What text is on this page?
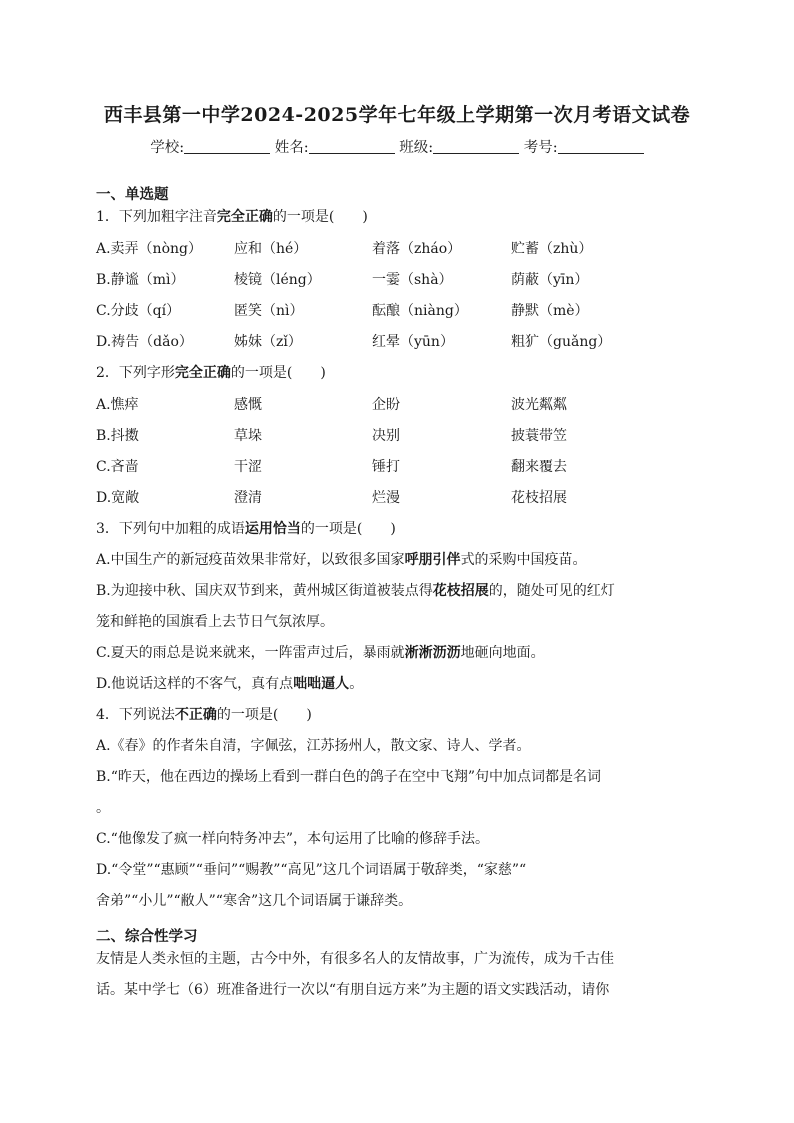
西丰县第一中学2024-2025学年七年级上学期第一次月考语文试卷
学校:	姓名:	班级:	考号:
一、单选题
1．下列加粗字注音完全正确的一项是(　　)
A.卖弄（nòng） 应和（hé）	着落（zháo）	贮蓄（zhù）
B.静谧（mì）	棱镜（léng）	一霎（shà）	荫蔽（yīn）
C.分歧（qí）	匿笑（nì）	酝酿（niàng）	静默（mè）
D.祷告（dǎo）	姊妹（zǐ）	红晕（yūn）	粗犷（guǎng）
2．下列字形完全正确的一项是(　　)
A.憔瘁	感慨	企盼	波光粼粼
B.抖擞	草垛	决别	披蓑带笠
C.吝啬	干涩	锤打	翻来覆去
D.宽敞	澄清	烂漫	花枝招展
3．下列句中加粗的成语运用恰当的一项是(　　)
A.中国生产的新冠疫苗效果非常好，以致很多国家呼朋引伴式的采购中国疫苗。
B.为迎接中秋、国庆双节到来，黄州城区街道被装点得花枝招展的，随处可见的红灯
笼和鲜艳的国旗看上去节日气氛浓厚。
C.夏天的雨总是说来就来，一阵雷声过后，暴雨就淅淅沥沥地砸向地面。
D.他说话这样的不客气，真有点咄咄逼人。
4．下列说法不正确的一项是(　　)
A.《春》的作者朱自清，字佩弦，江苏扬州人，散文家、诗人、学者。
B.“昨天，他在西边的操场上看到一群白色的鸽子在空中飞翔”句中加点词都是名词
。
C.“他像发了疯一样向特务冲去”，本句运用了比喻的修辞手法。
D.“令堂”“惠顾”“垂问”“赐教”“高见”这几个词语属于敬辞类，“家慈”“
舍弟”“小儿”“敝人”“寒舍”这几个词语属于谦辞类。
二、综合性学习
友情是人类永恒的主题，古今中外，有很多名人的友情故事，广为流传，成为千古佳
话。某中学七（6）班准备进行一次以“有朋自远方来”为主题的语文实践活动，请你
